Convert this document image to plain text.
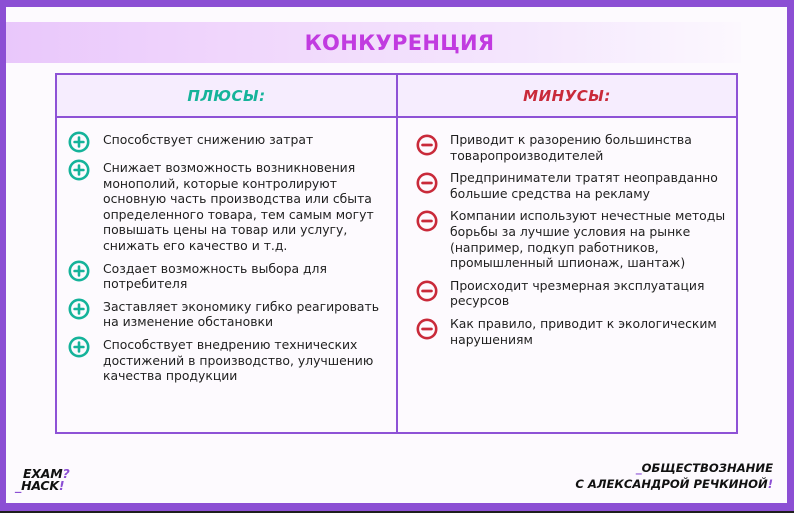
КОНКУРЕНЦИЯ
ПЛЮСЫ:	МИНУСЫ:
Способствует снижению затрат
Снижает возможность возникновения монополий, которые контролируют основную часть производства или сбыта определенного товара, тем самым могут повышать цены на товар или услугу, снижать его качество и т.д.
Создает возможность выбора для потребителя
Заставляет экономику гибко реагировать на изменение обстановки
Способствует внедрению технических достижений в производство, улучшению качества продукции
Приводит к разорению большинства товаропроизводителей
Предприниматели тратят неоправданно большие средства на рекламу
Компании используют нечестные методы борьбы за лучшие условия на рынке (например, подкуп работников, промышленный шпионаж, шантаж)
Происходит чрезмерная эксплуатация ресурсов
Как правило, приводит к экологическим нарушениям
EXAM?
_HACK!
_ОБЩЕСТВОЗНАНИЕ
С АЛЕКСАНДРОЙ РЕЧКИНОЙ!
